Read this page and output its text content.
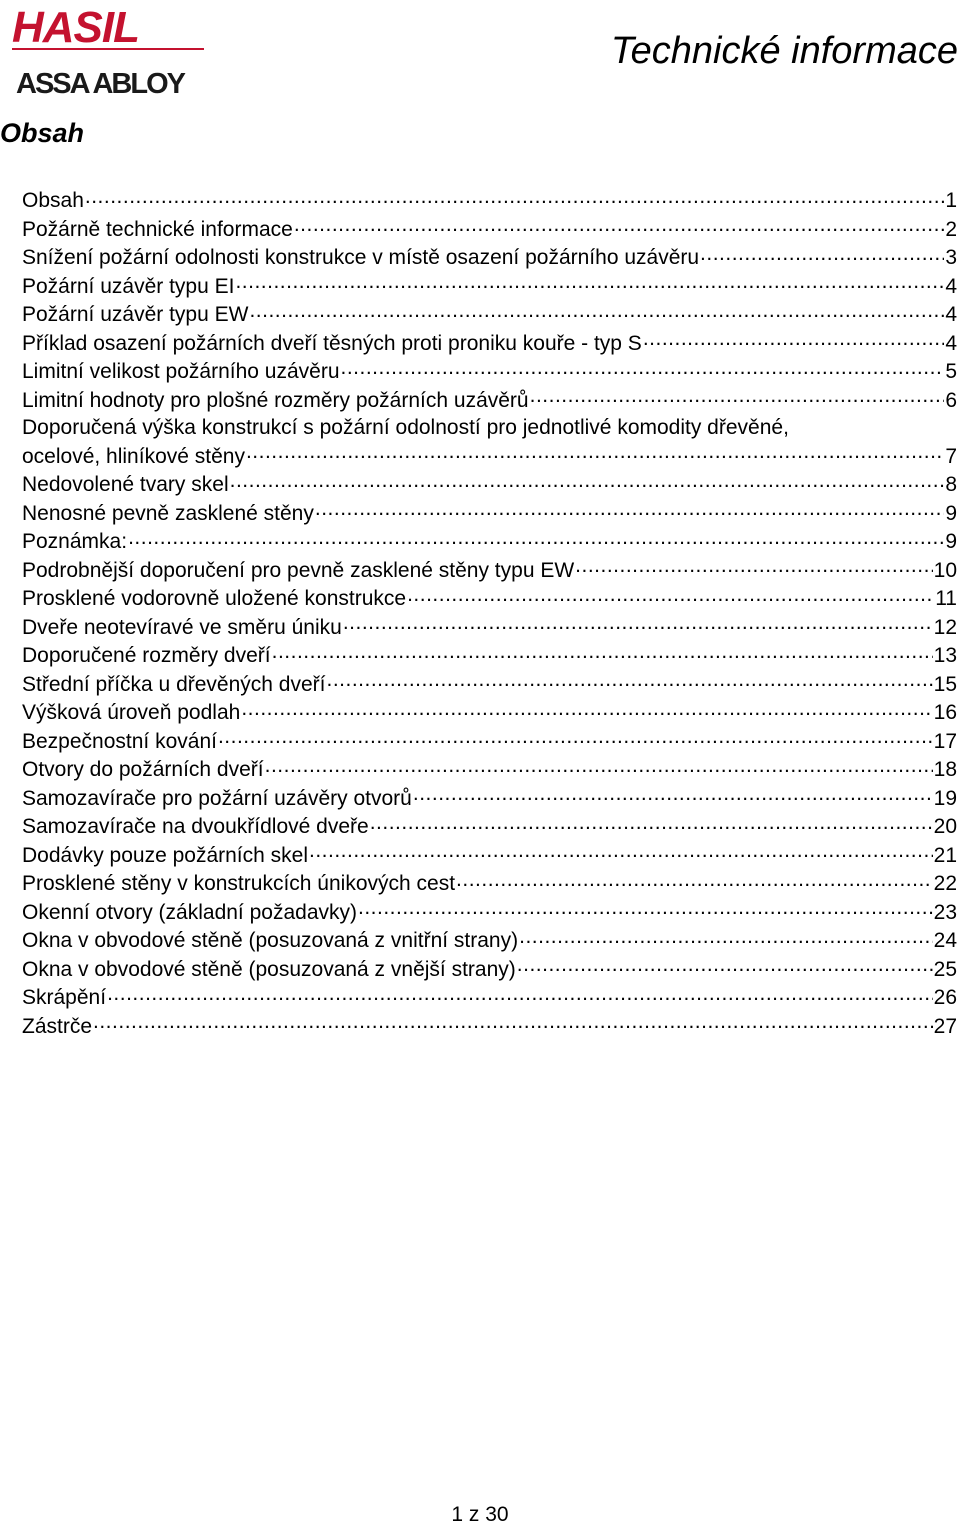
HASIL
ASSA ABLOY
Technické informace
Obsah
Obsah .....	1
Požárně technické informace .....	2
Snížení požární odolnosti konstrukce v místě osazení požárního uzávěru .....	3
Požární uzávěr typu EI .....	4
Požární uzávěr typu EW .....	4
Příklad osazení požárních dveří těsných proti proniku kouře - typ S .....	4
Limitní velikost požárního uzávěru .....	5
Limitní hodnoty pro plošné rozměry požárních uzávěrů .....	6
Doporučená výška konstrukcí s požární odolností pro jednotlivé komodity dřevěné,
ocelové, hliníkové stěny .....	7
Nedovolené tvary skel .....	8
Nenosné pevně zasklené stěny .....	9
Poznámka: .....	9
Podrobnější doporučení pro pevně zasklené stěny typu EW .....	10
Prosklené vodorovně uložené konstrukce .....	11
Dveře neotevíravé ve směru úniku .....	12
Doporučené rozměry dveří .....	13
Střední příčka u dřevěných dveří .....	15
Výšková úroveň podlah .....	16
Bezpečnostní kování .....	17
Otvory do požárních dveří .....	18
Samozavírače pro požární uzávěry otvorů .....	19
Samozavírače na dvoukřídlové dveře .....	20
Dodávky pouze požárních skel .....	21
Prosklené stěny v konstrukcích únikových cest .....	22
Okenní otvory (základní požadavky) .....	23
Okna v obvodové stěně (posuzovaná z vnitřní strany) .....	24
Okna v obvodové stěně (posuzovaná z vnější strany) .....	25
Skrápění .....	26
Zástrče .....	27
1 z 30
